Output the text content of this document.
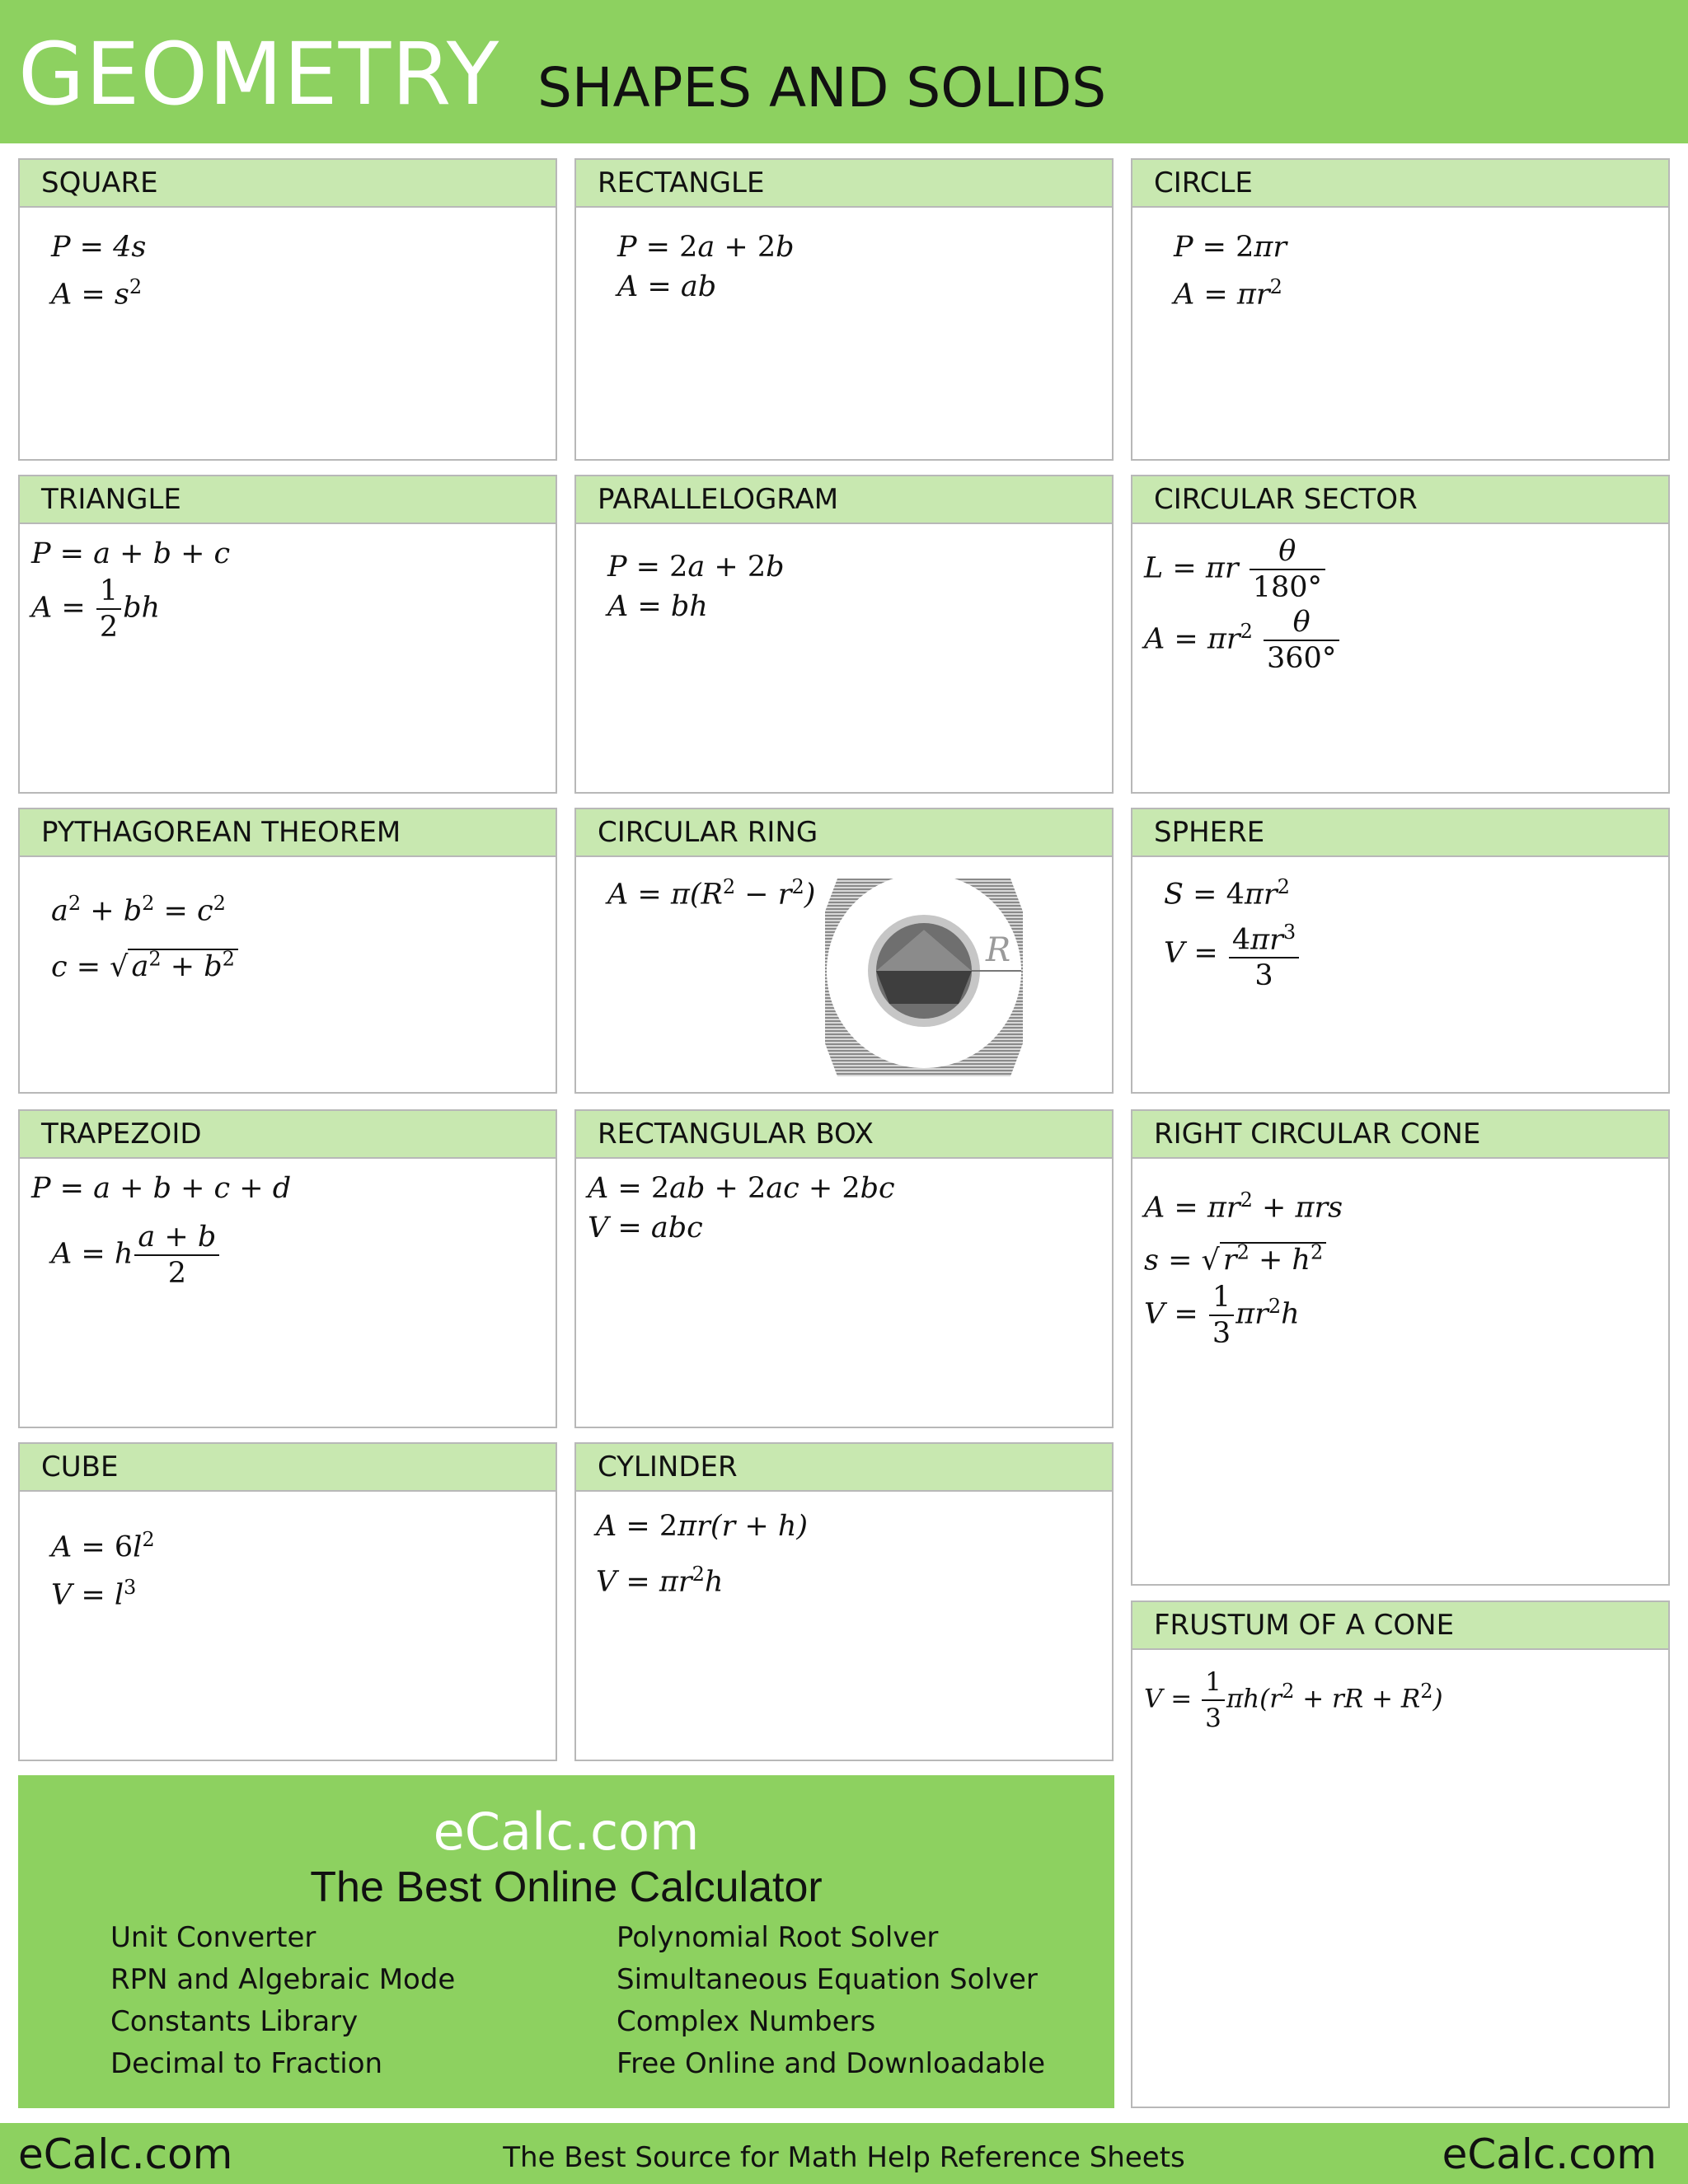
GEOMETRY SHAPES AND SOLIDS
SQUARE
P = 4s
$A = s^2$
RECTANGLE
P = 2a + 2b
A = ab
CIRCLE
P = 2πr
$A = \pi r^2$
TRIANGLE
P = a + b + c
$A = \frac{1}{2}$ bh
PARALLELOGRAM
P = 2a + 2b
A = bh
CIRCULAR SECTOR
L = πr $\frac{\theta}{180^\circ}$
$A = \pi r^2 \frac{\theta}{360^\circ}$
PYTHAGOREAN THEOREM
$a^2 + b^2 = c^2$
c = √ $a^2 + b^2$
CIRCULAR RING
$A = \pi(R^2 - r^2)$
R
SPHERE
$S = 4\pi r^2$
$V = \frac{4\pi r^3}{3}$
TRAPEZOID
P = a + b + c + d
A = h $\frac{a + b}{2}$
RECTANGULAR BOX
A = 2ab + 2ac + 2bc
V = abc
RIGHT CIRCULAR CONE
$A = \pi r^2 + \pi rs$
s = √ $r^2 + h^2$
$V = \frac{1}{3} \pi r^2h$
CUBE
$A = 6l^2$
$V = l^3$
CYLINDER
A = 2πr(r + h)
$V = \pi r^2h$
FRUSTUM OF A CONE
$V = \frac{1}{3} \pi h(r^2$ + rR + $R^2$)
eCalc.com
The Best Online Calculator
Unit Converter
RPN and Algebraic Mode
Constants Library
Decimal to Fraction
Polynomial Root Solver
Simultaneous Equation Solver
Complex Numbers
Free Online and Downloadable
eCalc.com	The Best Source for Math Help Reference Sheets	eCalc.com
